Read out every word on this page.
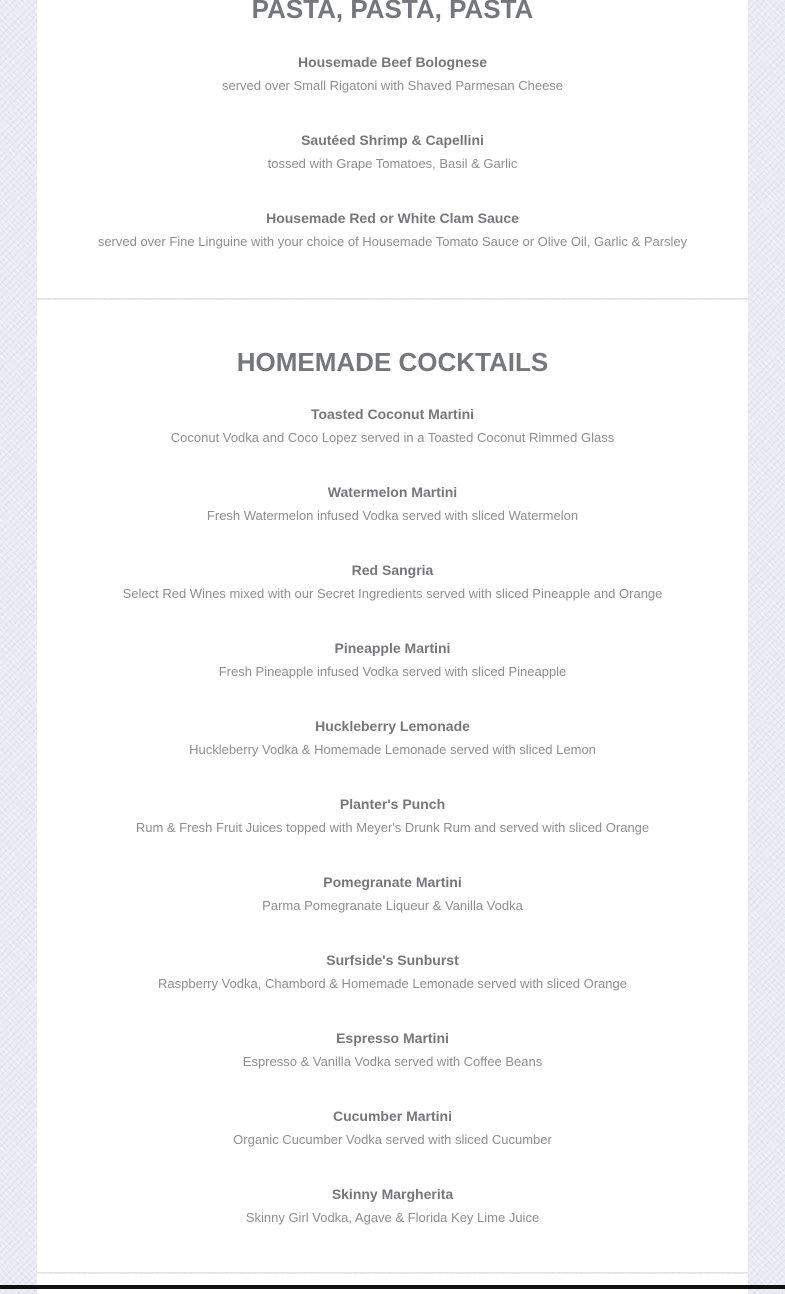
PASTA, PASTA, PASTA
Housemade Beef Bolognese
served over Small Rigatoni with Shaved Parmesan Cheese
Sautéed Shrimp & Capellini
tossed with Grape Tomatoes, Basil & Garlic
Housemade Red or White Clam Sauce
served over Fine Linguine with your choice of Housemade Tomato Sauce or Olive Oil, Garlic & Parsley
HOMEMADE COCKTAILS
Toasted Coconut Martini
Coconut Vodka and Coco Lopez served in a Toasted Coconut Rimmed Glass
Watermelon Martini
Fresh Watermelon infused Vodka served with sliced Watermelon
Red Sangria
Select Red Wines mixed with our Secret Ingredients served with sliced Pineapple and Orange
Pineapple Martini
Fresh Pineapple infused Vodka served with sliced Pineapple
Huckleberry Lemonade
Huckleberry Vodka & Homemade Lemonade served with sliced Lemon
Planter's Punch
Rum & Fresh Fruit Juices topped with Meyer's Drunk Rum and served with sliced Orange
Pomegranate Martini
Parma Pomegranate Liqueur & Vanilla Vodka
Surfside's Sunburst
Raspberry Vodka, Chambord & Homemade Lemonade served with sliced Orange
Espresso Martini
Espresso & Vanilla Vodka served with Coffee Beans
Cucumber Martini
Organic Cucumber Vodka served with sliced Cucumber
Skinny Margherita
Skinny Girl Vodka, Agave & Florida Key Lime Juice
